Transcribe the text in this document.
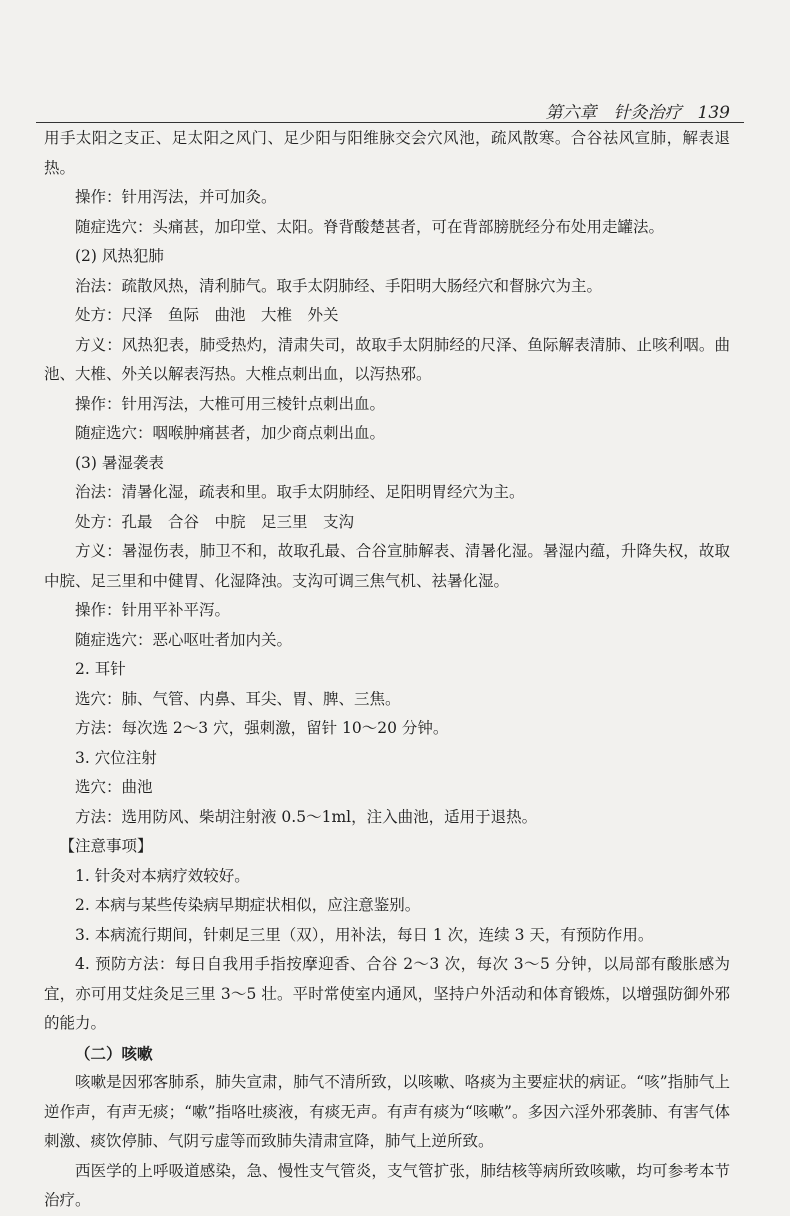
第六章　针灸治疗 139

用手太阳之支正、足太阳之风门、足少阳与阳维脉交会穴风池，疏风散寒。合谷祛风宣肺，解表退热。

操作：针用泻法，并可加灸。

随症选穴：头痛甚，加印堂、太阳。脊背酸楚甚者，可在背部膀胱经分布处用走罐法。

(2) 风热犯肺

治法：疏散风热，清利肺气。取手太阴肺经、手阳明大肠经穴和督脉穴为主。

处方：尺泽　鱼际　曲池　大椎　外关

方义：风热犯表，肺受热灼，清肃失司，故取手太阴肺经的尺泽、鱼际解表清肺、止咳利咽。曲池、大椎、外关以解表泻热。大椎点刺出血，以泻热邪。

操作：针用泻法，大椎可用三棱针点刺出血。

随症选穴：咽喉肿痛甚者，加少商点刺出血。

(3) 暑湿袭表

治法：清暑化湿，疏表和里。取手太阴肺经、足阳明胃经穴为主。

处方：孔最　合谷　中脘　足三里　支沟

方义：暑湿伤表，肺卫不和，故取孔最、合谷宣肺解表、清暑化湿。暑湿内蕴，升降失权，故取中脘、足三里和中健胃、化湿降浊。支沟可调三焦气机、祛暑化湿。

操作：针用平补平泻。

随症选穴：恶心呕吐者加内关。

2. 耳针

选穴：肺、气管、内鼻、耳尖、胃、脾、三焦。

方法：每次选 2～3 穴，强刺激，留针 10～20 分钟。

3. 穴位注射

选穴：曲池

方法：选用防风、柴胡注射液 0.5～1ml，注入曲池，适用于退热。

【注意事项】

1. 针灸对本病疗效较好。

2. 本病与某些传染病早期症状相似，应注意鉴别。

3. 本病流行期间，针刺足三里（双），用补法，每日 1 次，连续 3 天，有预防作用。

4. 预防方法：每日自我用手指按摩迎香、合谷 2～3 次，每次 3～5 分钟，以局部有酸胀感为宜，亦可用艾炷灸足三里 3～5 壮。平时常使室内通风，坚持户外活动和体育锻炼，以增强防御外邪的能力。

（二）咳嗽

咳嗽是因邪客肺系，肺失宣肃，肺气不清所致，以咳嗽、咯痰为主要症状的病证。“咳”指肺气上逆作声，有声无痰；“嗽”指咯吐痰液，有痰无声。有声有痰为“咳嗽”。多因六淫外邪袭肺、有害气体刺激、痰饮停肺、气阴亏虚等而致肺失清肃宣降，肺气上逆所致。

西医学的上呼吸道感染，急、慢性支气管炎，支气管扩张，肺结核等病所致咳嗽，均可参考本节治疗。
